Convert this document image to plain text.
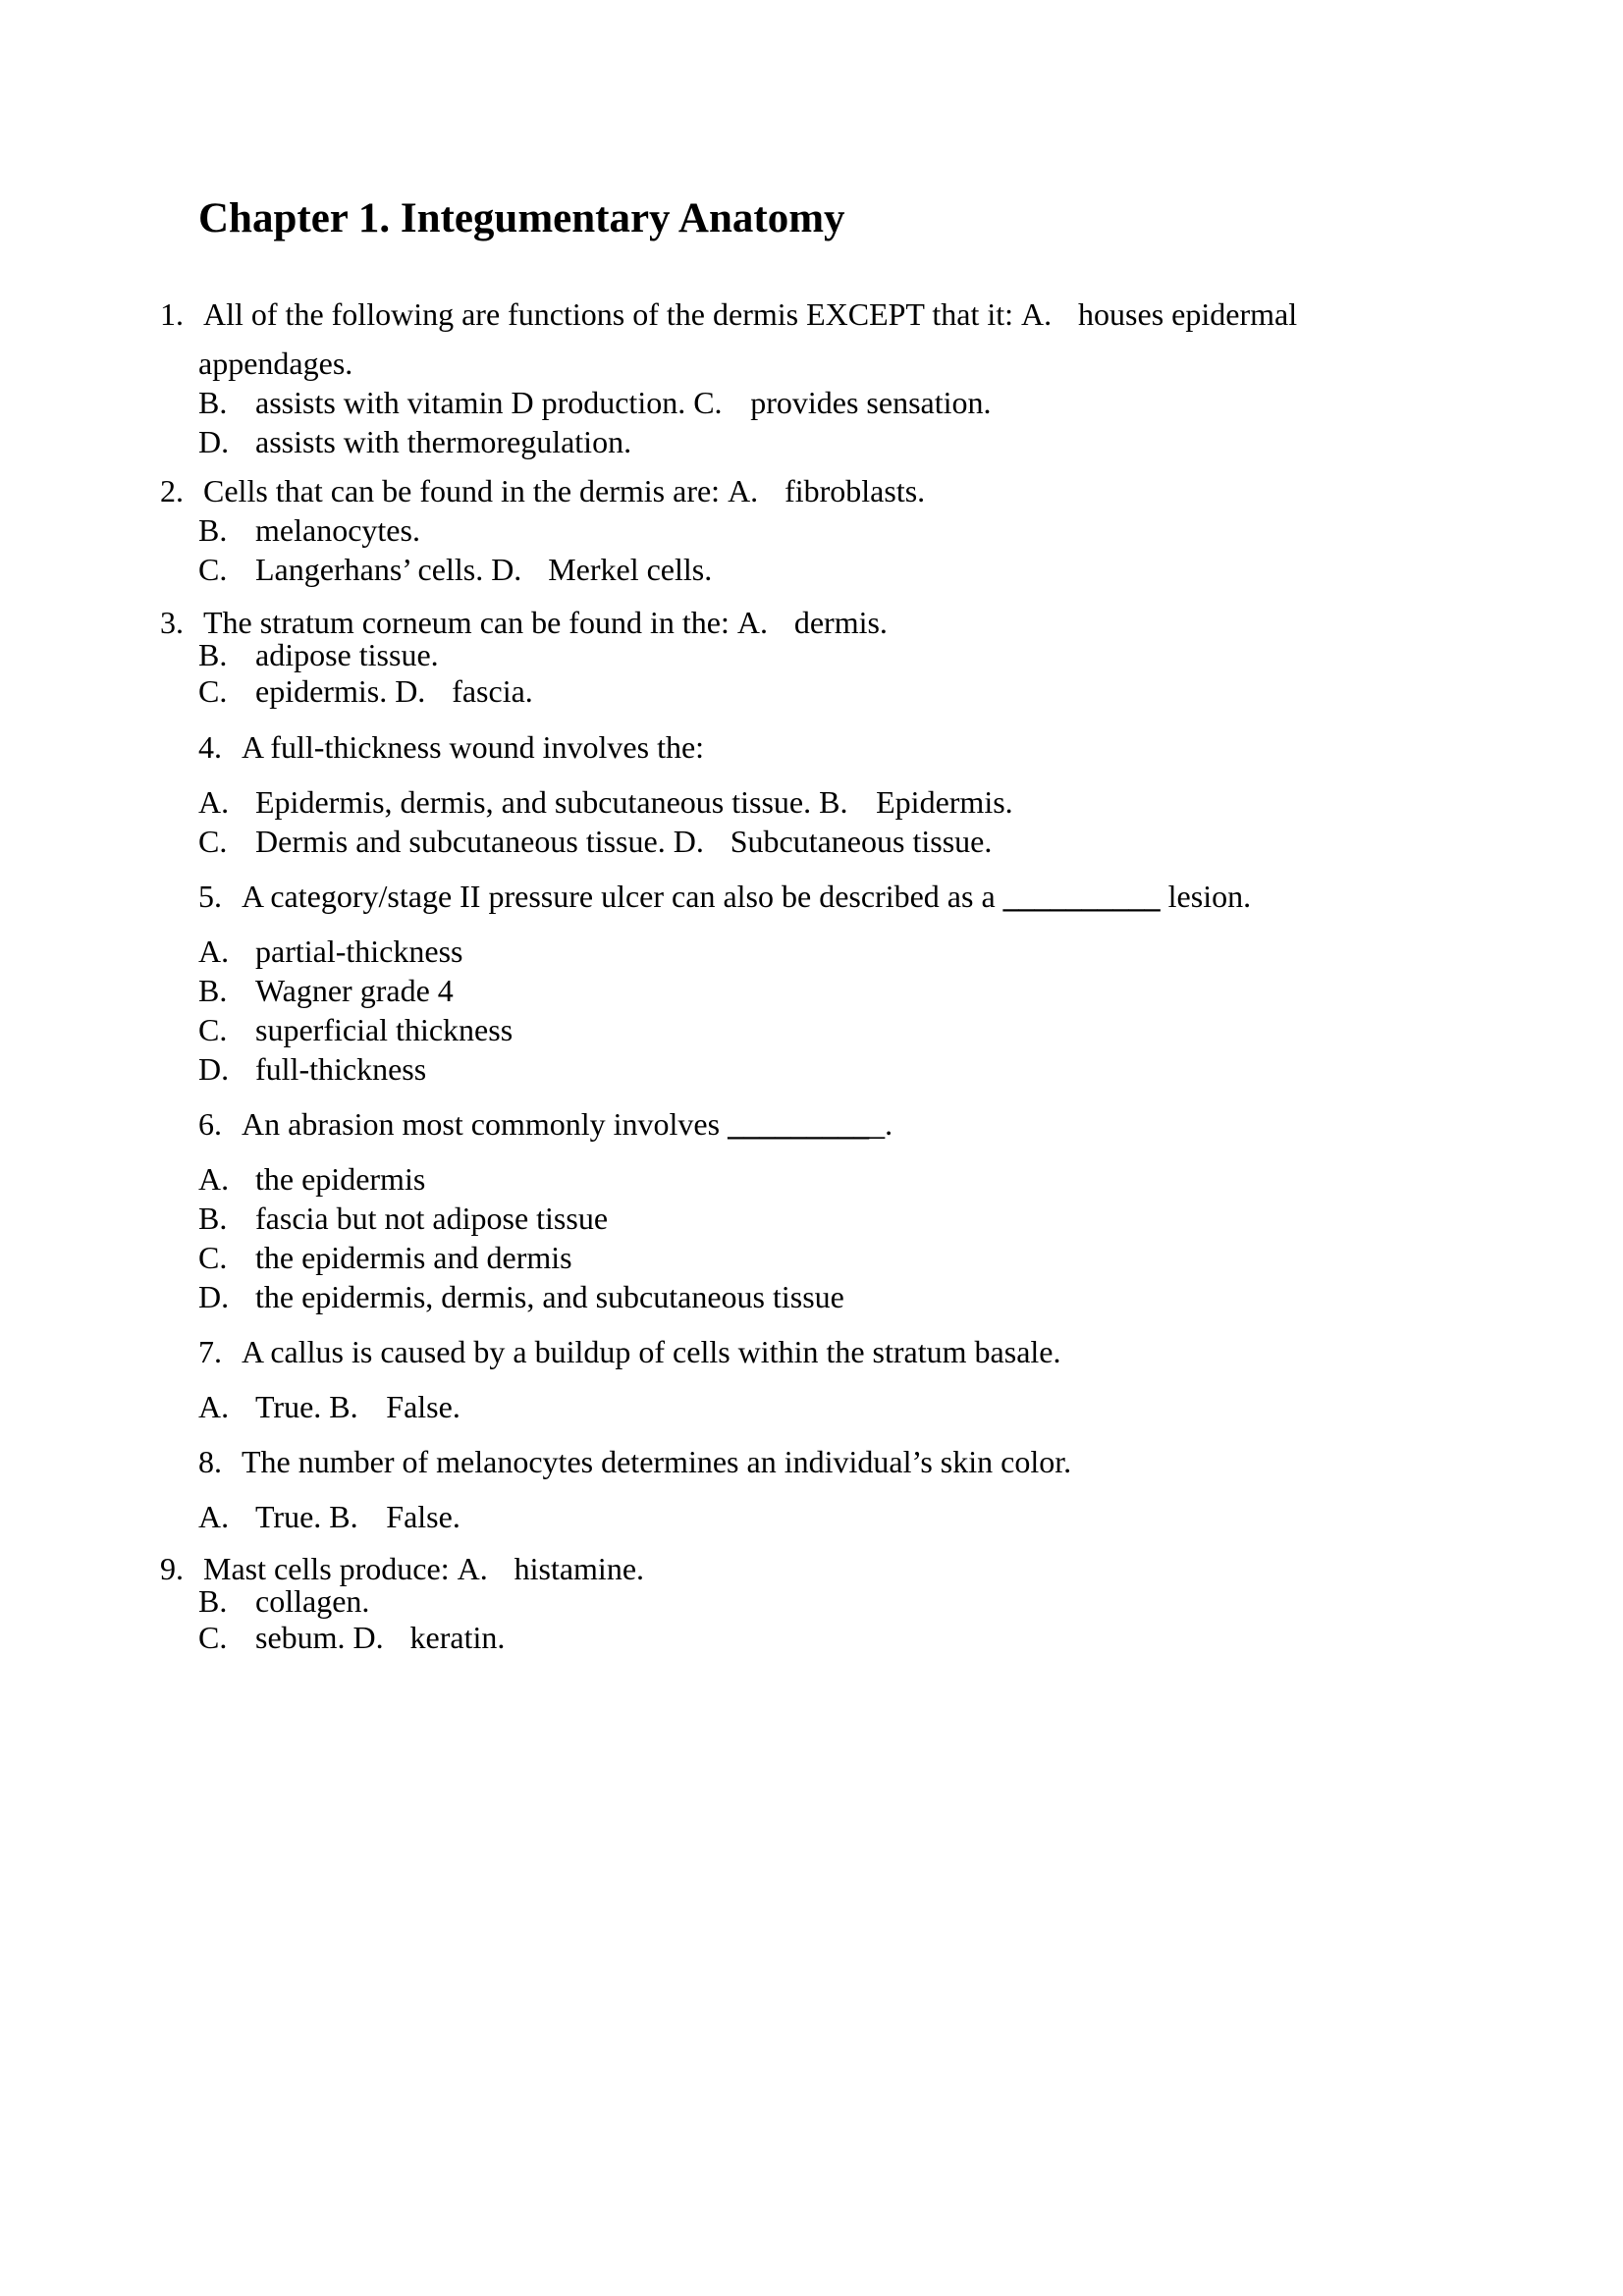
Chapter 1. Integumentary Anatomy
1. All of the following are functions of the dermis EXCEPT that it: A. houses epidermal
appendages.
B. assists with vitamin D production. C. provides sensation.
D. assists with thermoregulation.
2. Cells that can be found in the dermis are: A. fibroblasts.
B. melanocytes.
C. Langerhans’ cells. D. Merkel cells.
3. The stratum corneum can be found in the: A. dermis.
B. adipose tissue.
C. epidermis. D. fascia.
4. A full-thickness wound involves the:
A. Epidermis, dermis, and subcutaneous tissue. B. Epidermis.
C. Dermis and subcutaneous tissue. D. Subcutaneous tissue.
5. A category/stage II pressure ulcer can also be described as a __________ lesion.
A. partial-thickness
B. Wagner grade 4
C. superficial thickness
D. full-thickness
6. An abrasion most commonly involves __________.
A. the epidermis
B. fascia but not adipose tissue
C. the epidermis and dermis
D. the epidermis, dermis, and subcutaneous tissue
7. A callus is caused by a buildup of cells within the stratum basale.
A. True. B. False.
8. The number of melanocytes determines an individual’s skin color.
A. True. B. False.
9. Mast cells produce: A. histamine.
B. collagen.
C. sebum. D. keratin.
